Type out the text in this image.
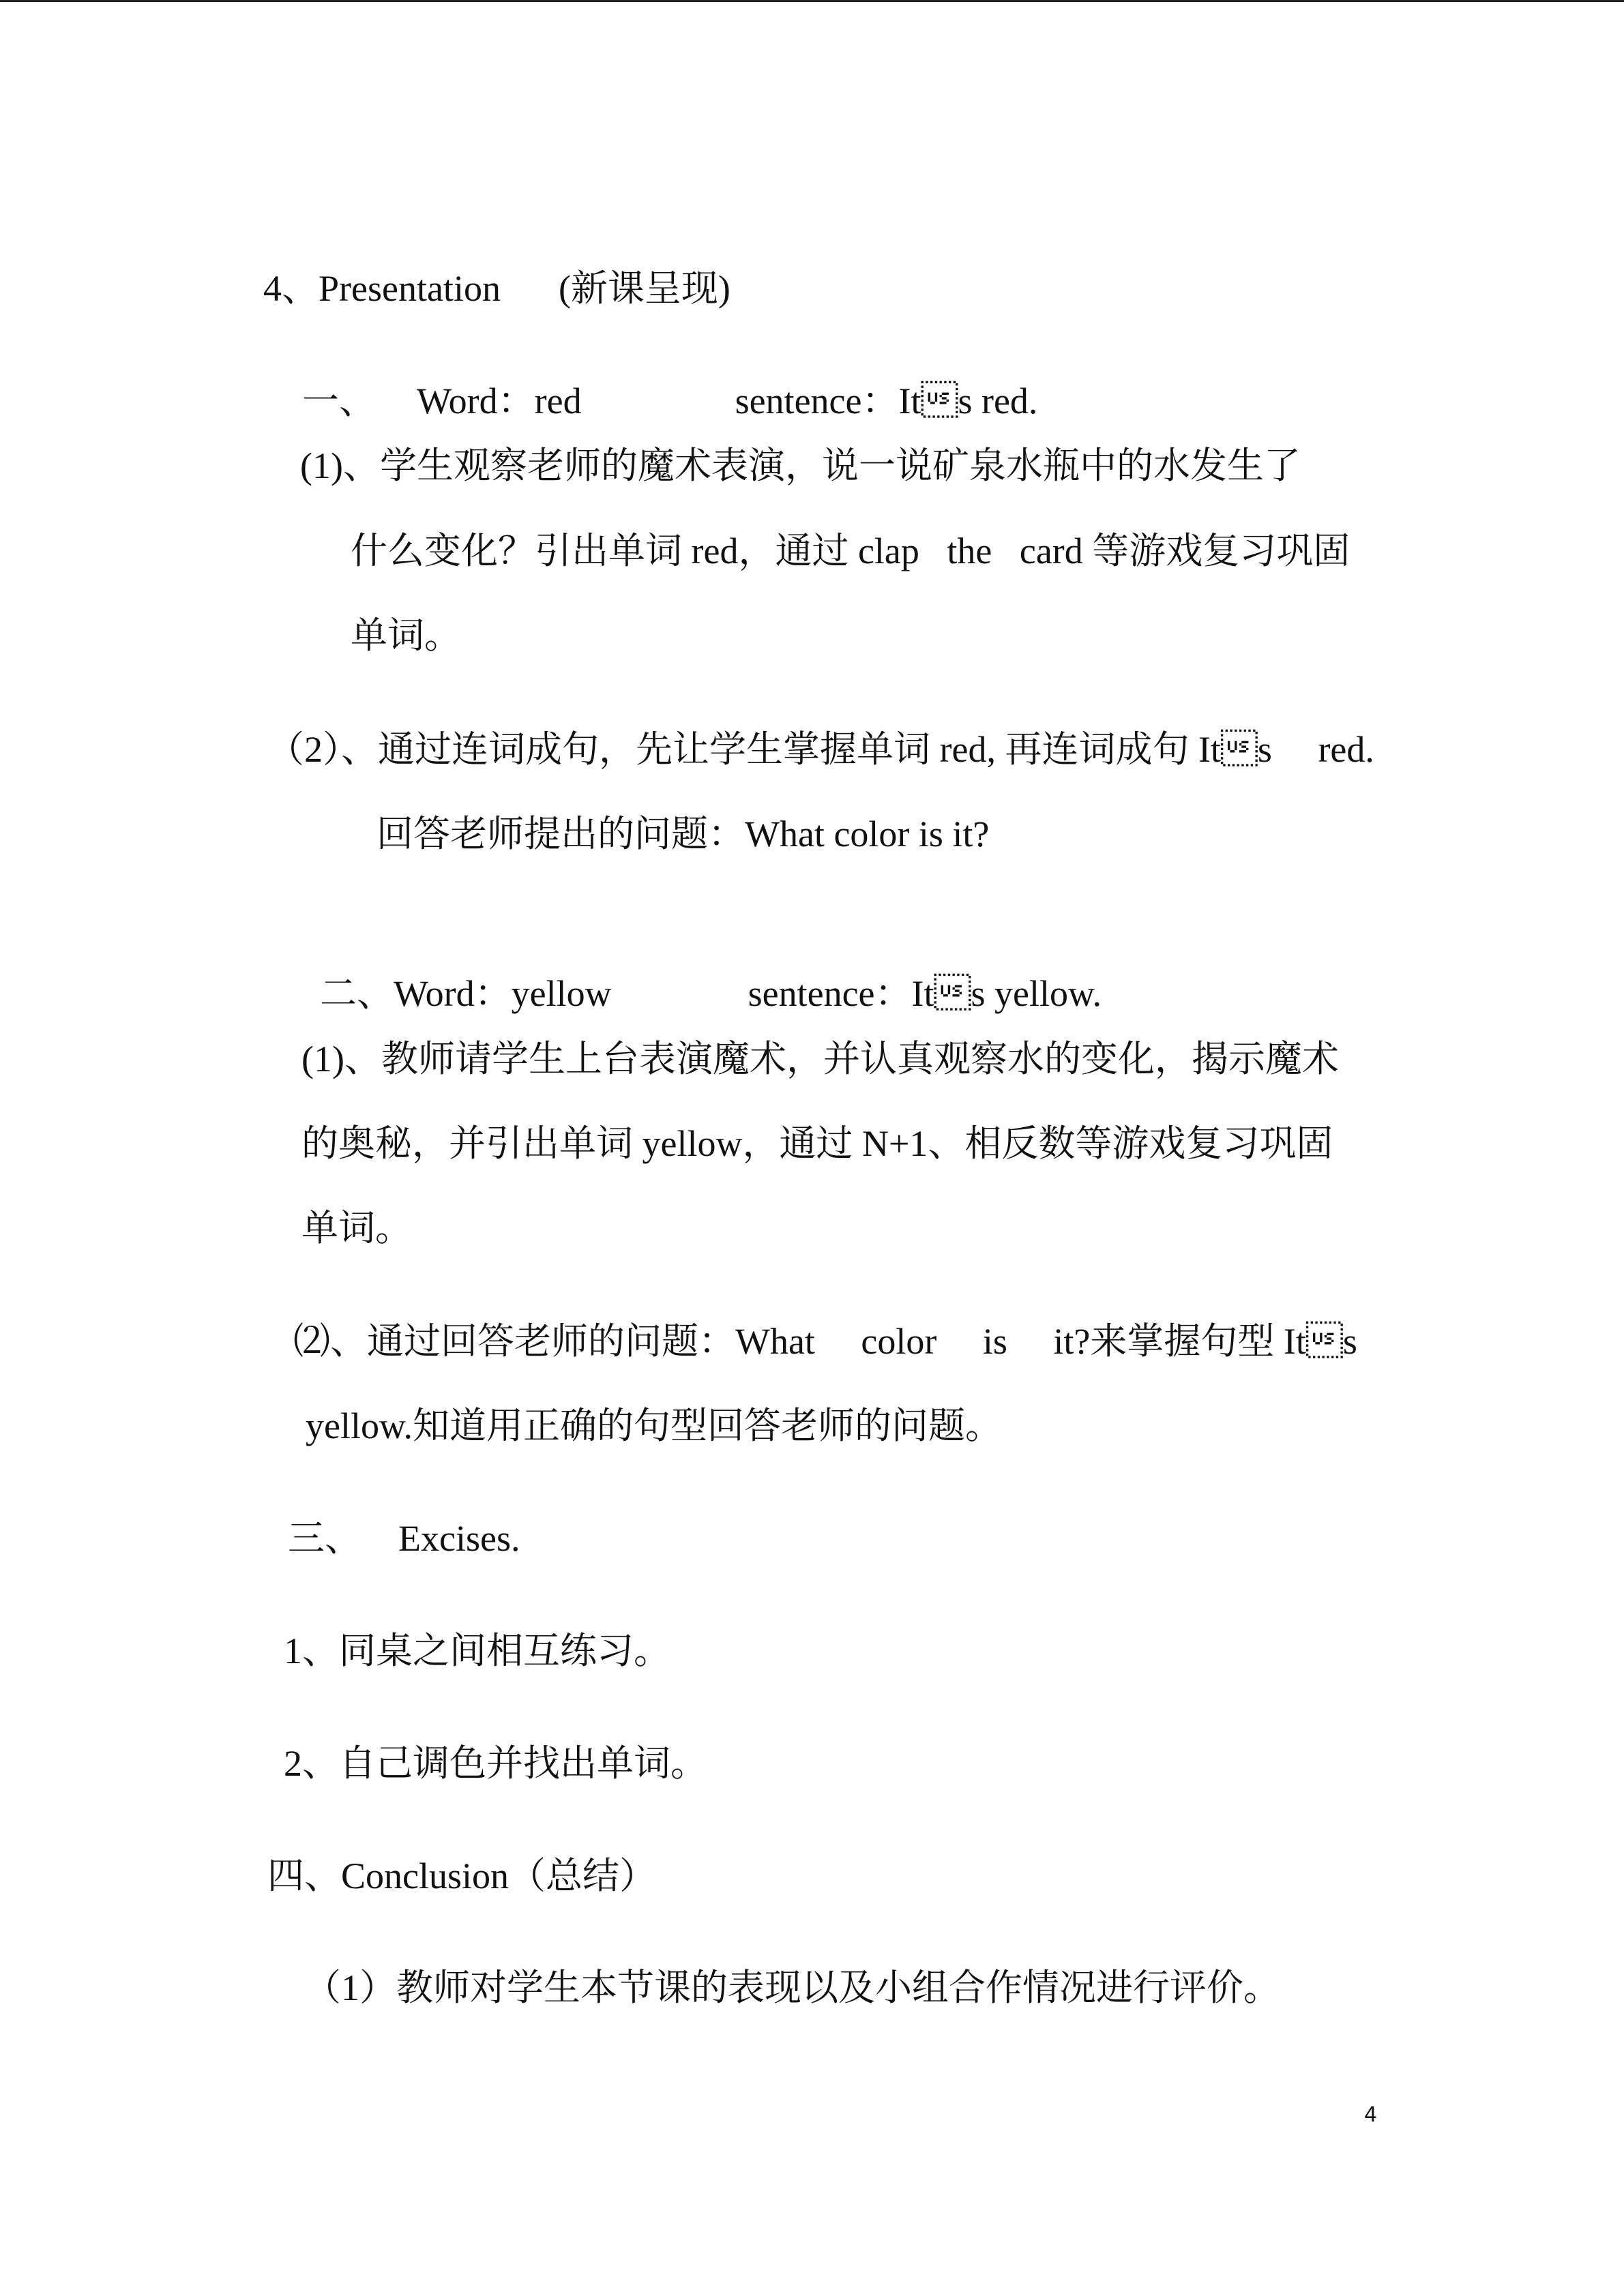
4、Presentation (新课呈现)

一、 Word：red	sentence：Its red.

(1)、学生观察老师的魔术表演，说一说矿泉水瓶中的水发生了
什么变化？引出单词 red，通过 clap   the   card 等游戏复习巩固
单词。
（2）、通过连词成句，先让学生掌握单词 red, 再连词成句 Its     red.
回答老师提出的问题：What color is it?

二、Word：yellow	sentence：Its yellow.

(1)、教师请学生上台表演魔术，并认真观察水的变化，揭示魔术
的奥秘，并引出单词 yellow，通过 N+1、相反数等游戏复习巩固
单词。
⑵、通过回答老师的问题：What     color     is     it?来掌握句型 Its
yellow.知道用正确的句型回答老师的问题。
三、    Excises.
1、同桌之间相互练习。
2、自己调色并找出单词。
四、Conclusion（总结）
（1）教师对学生本节课的表现以及小组合作情况进行评价。
4
